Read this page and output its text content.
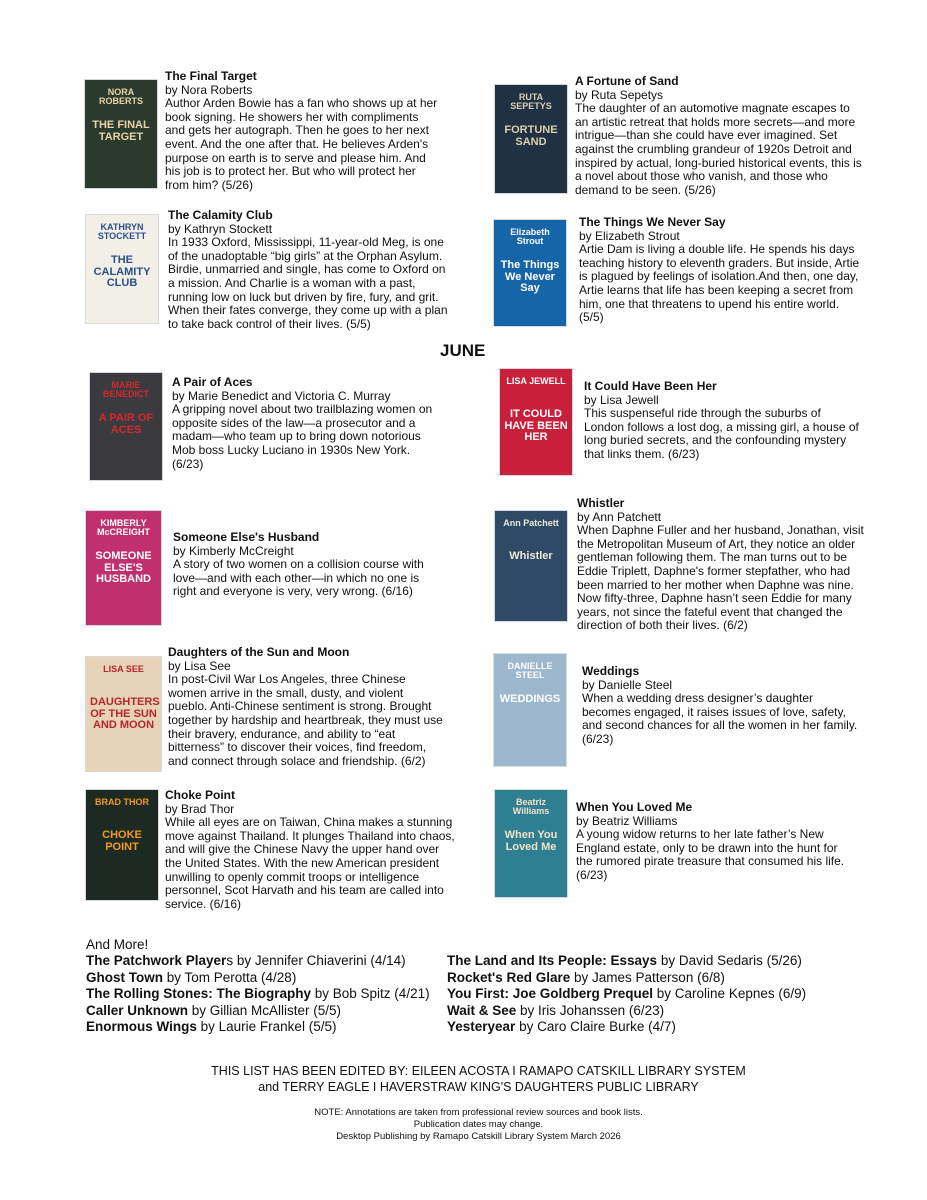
NORA ROBERTS
THE FINAL TARGET
The Final Target
by Nora Roberts
Author Arden Bowie has a fan who shows up at her book signing. He showers her with compliments and gets her autograph. Then he goes to her next event. And the one after that. He believes Arden's purpose on earth is to serve and please him. And his job is to protect her. But who will protect her from him? (5/26)
KATHRYN STOCKETT
THE CALAMITY CLUB
The Calamity Club
by Kathryn Stockett
In 1933 Oxford, Mississippi, 11-year-old Meg, is one of the unadoptable “big girls” at the Orphan Asylum. Birdie, unmarried and single, has come to Oxford on a mission. And Charlie is a woman with a past, running low on luck but driven by fire, fury, and grit. When their fates converge, they come up with a plan to take back control of their lives. (5/5)
RUTA SEPETYS
FORTUNE SAND
A Fortune of Sand
by Ruta Sepetys
The daughter of an automotive magnate escapes to an artistic retreat that holds more secrets—and more intrigue—than she could have ever imagined. Set against the crumbling grandeur of 1920s Detroit and inspired by actual, long-buried historical events, this is a novel about those who vanish, and those who demand to be seen. (5/26)
Elizabeth Strout
The Things We Never Say
The Things We Never Say
by Elizabeth Strout
Artie Dam is living a double life. He spends his days teaching history to eleventh graders. But inside, Artie is plagued by feelings of isolation.And then, one day, Artie learns that life has been keeping a secret from him, one that threatens to upend his entire world. (5/5)
MARIE BENEDICT
A PAIR OF ACES
A Pair of Aces
by Marie Benedict and Victoria C. Murray
A gripping novel about two trailblazing women on opposite sides of the law—a prosecutor and a madam—who team up to bring down notorious Mob boss Lucky Luciano in 1930s New York. (6/23)
LISA JEWELL
IT COULD HAVE BEEN HER
It Could Have Been Her
by Lisa Jewell
This suspenseful ride through the suburbs of London follows a lost dog, a missing girl, a house of long buried secrets, and the confounding mystery that links them. (6/23)
KIMBERLY McCREIGHT
SOMEONE ELSE'S HUSBAND
Someone Else's Husband
by Kimberly McCreight
A story of two women on a collision course with love—and with each other—in which no one is right and everyone is very, very wrong. (6/16)
Ann Patchett
Whistler
Whistler
by Ann Patchett
When Daphne Fuller and her husband, Jonathan, visit the Metropolitan Museum of Art, they notice an older gentleman following them. The man turns out to be Eddie Triplett, Daphne's former stepfather, who had been married to her mother when Daphne was nine. Now fifty-three, Daphne hasn’t seen Eddie for many years, not since the fateful event that changed the direction of both their lives. (6/2)
LISA SEE
DAUGHTERS OF THE SUN AND MOON
Daughters of the Sun and Moon
by Lisa See
In post-Civil War Los Angeles, three Chinese women arrive in the small, dusty, and violent pueblo. Anti-Chinese sentiment is strong. Brought together by hardship and heartbreak, they must use their bravery, endurance, and ability to “eat bitterness” to discover their voices, find freedom, and connect through solace and friendship. (6/2)
DANIELLE STEEL
WEDDINGS
Weddings
by Danielle Steel
When a wedding dress designer’s daughter becomes engaged, it raises issues of love, safety, and second chances for all the women in her family. (6/23)
BRAD THOR
CHOKE POINT
Choke Point
by Brad Thor
While all eyes are on Taiwan, China makes a stunning move against Thailand. It plunges Thailand into chaos, and will give the Chinese Navy the upper hand over the United States. With the new American president unwilling to openly commit troops or intelligence personnel, Scot Harvath and his team are called into service. (6/16)
Beatriz Williams
When You Loved Me
When You Loved Me
by Beatriz Williams
A young widow returns to her late father’s New England estate, only to be drawn into the hunt for the rumored pirate treasure that consumed his life. (6/23)
JUNE
And More!
The Patchwork Players by Jennifer Chiaverini (4/14)
Ghost Town by Tom Perotta (4/28)
The Rolling Stones: The Biography by Bob Spitz (4/21)
Caller Unknown by Gillian McAllister (5/5)
Enormous Wings by Laurie Frankel (5/5)
The Land and Its People: Essays by David Sedaris (5/26)
Rocket's Red Glare by James Patterson (6/8)
You First: Joe Goldberg Prequel by Caroline Kepnes (6/9)
Wait & See by Iris Johanssen (6/23)
Yesteryear by Caro Claire Burke (4/7)
THIS LIST HAS BEEN EDITED BY: EILEEN ACOSTA I RAMAPO CATSKILL LIBRARY SYSTEM
and TERRY EAGLE I HAVERSTRAW KING'S DAUGHTERS PUBLIC LIBRARY
NOTE: Annotations are taken from professional review sources and book lists.
Publication dates may change.
Desktop Publishing by Ramapo Catskill Library System March 2026
